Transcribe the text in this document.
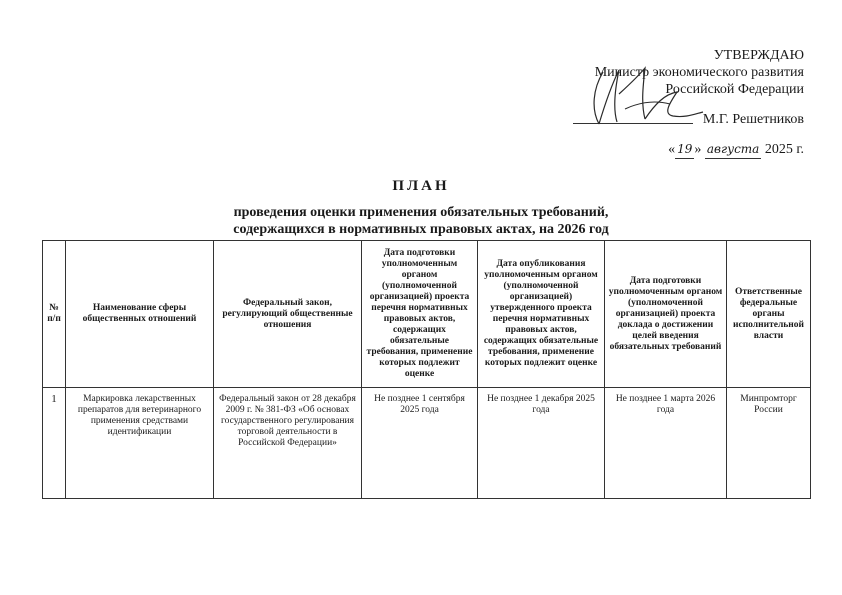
УТВЕРЖДАЮ
Министр экономического развития
Российской Федерации
М.Г. Решетников
« 19 » августа 2025 г.
ПЛАН
проведения оценки применения обязательных требований,
содержащихся в нормативных правовых актах, на 2026 год
№ п/п	Наименование сферы общественных отношений	Федеральный закон, регулирующий общественные отношения	Дата подготовки уполномоченным органом (уполномоченной организацией) проекта перечня нормативных правовых актов, содержащих обязательные требования, применение которых подлежит оценке	Дата опубликования уполномоченным органом (уполномоченной организацией) утвержденного проекта перечня нормативных правовых актов, содержащих обязательные требования, применение которых подлежит оценке	Дата подготовки уполномоченным органом (уполномоченной организацией) проекта доклада о достижении целей введения обязательных требований	Ответственные федеральные органы исполнительной власти
1	Маркировка лекарственных препаратов для ветеринарного применения средствами идентификации	Федеральный закон от 28 декабря 2009 г. № 381-ФЗ «Об основах государственного регулирования торговой деятельности в Российской Федерации»	Не позднее 1 сентября 2025 года	Не позднее 1 декабря 2025 года	Не позднее 1 марта 2026 года	Минпромторг России
